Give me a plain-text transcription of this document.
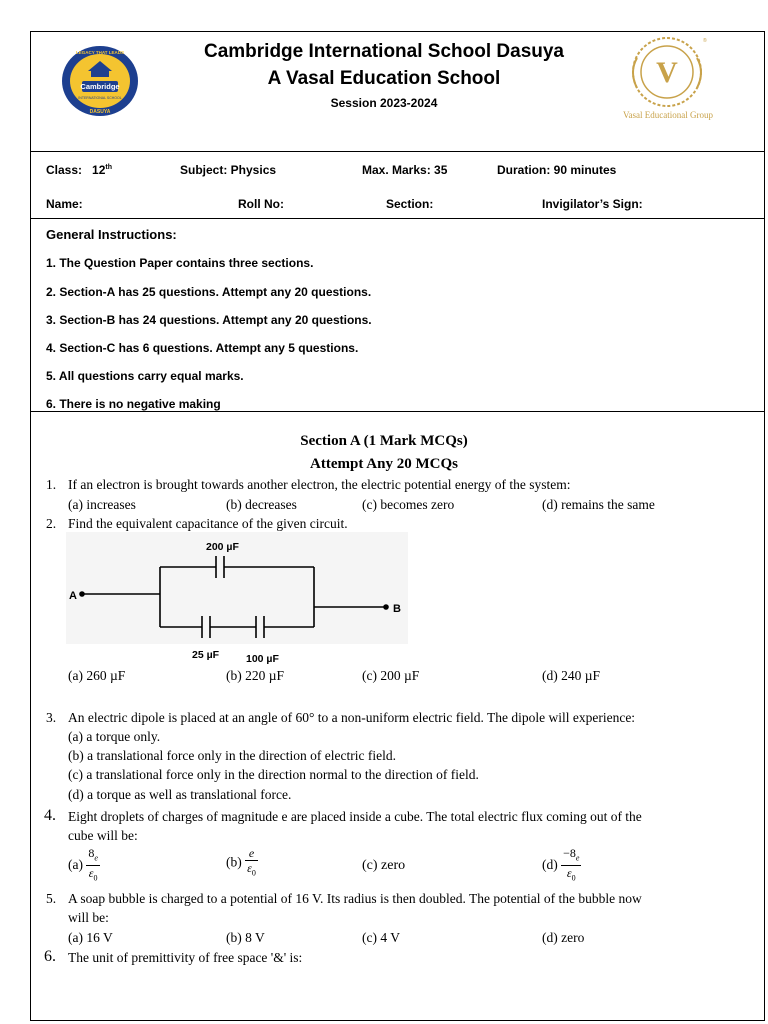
Cambridge
INTERNATIONAL SCHOOL
LEGACY THAT LEADS
DASUYA
V
Vasal Educational Group
®
Cambridge International School Dasuya
A Vasal Education School
Session 2023-2024
Class: 12th	Subject: Physics	Max. Marks: 35	Duration: 90 minutes
Name:	Roll No:	Section:	Invigilator’s Sign:
General Instructions:
1. The Question Paper contains three sections.
2. Section-A has 25 questions. Attempt any 20 questions.
3. Section-B has 24 questions. Attempt any 20 questions.
4. Section-C has 6 questions. Attempt any 5 questions.
5. All questions carry equal marks.
6. There is no negative making
Section A (1 Mark MCQs)
Attempt Any 20 MCQs
1. If an electron is brought towards another electron, the electric potential energy of the system:
(a) increases	(b) decreases	(c) becomes zero	(d) remains the same
2. Find the equivalent capacitance of the given circuit.
A
B
200 µF
25 µF	100 µF
(a) 260 µF	(b) 220 µF	(c) 200 µF	(d) 240 µF
3. An electric dipole is placed at an angle of 60° to a non-uniform electric field. The dipole will experience:
(a) a torque only.
(b) a translational force only in the direction of electric field.
(c) a translational force only in the direction normal to the direction of field.
(d) a torque as well as translational force.
4. Eight droplets of charges of magnitude e are placed inside a cube. The total electric flux coming out of the
cube will be:
$(a) \frac{8_e}{\varepsilon_0}$	$(b) \frac{e}{\varepsilon_0}$	(c) zero	$(d) \frac{-8_e}{\varepsilon_0}$
5. A soap bubble is charged to a potential of 16 V. Its radius is then doubled. The potential of the bubble now
will be:
(a) 16 V	(b) 8 V	(c) 4 V	(d) zero
6. The unit of premittivity of free space '&' is:
